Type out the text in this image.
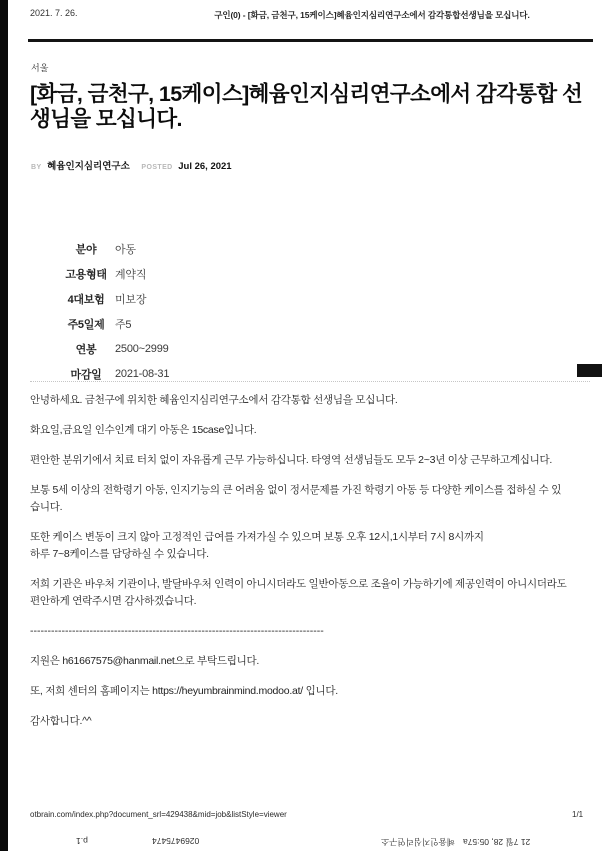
2021. 7. 26.	구인(0) - [화금, 금천구, 15케이스]혜윰인지심리연구소에서 감각통합선생님을 모십니다.
서울
[화금, 금천구, 15케이스]혜윰인지심리연구소에서 감각통합 선생님을 모십니다.
BY 혜윰인지심리연구소 POSTED Jul 26, 2021
분야	아동
고용형태 계약직
4대보험 미보장
주5일제 주5
연봉	2500~2999
마감일	2021-08-31

안녕하세요. 금천구에 위치한 혜윰인지심리연구소에서 감각통합 선생님을 모십니다.

화요일,금요일 인수인계 대기 아동은 15case입니다.

편안한 분위기에서 치료 터치 없이 자유롭게 근무 가능하십니다. 타영역 선생님들도 모두 2~3년 이상 근무하고계십니다.

보통 5세 이상의 전학령기 아동, 인지기능의 큰 어려움 없이 정서문제를 가진 학령기 아동 등 다양한 케이스를 접하실 수 있
습니다.

또한 케이스 변동이 크지 않아 고정적인 급여를 가져가실 수 있으며 보통 오후 12시,1시부터 7시 8시까지
하루 7~8케이스를 담당하실 수 있습니다.

저희 기관은 바우처 기관이나, 발달바우처 인력이 아니시더라도 일반아동으로 조율이 가능하기에 제공인력이 아니시더라도
편안하게 연락주시면 감사하겠습니다.

------------------------------------------------------------------------------------

지원은 h61667575@hanmail.net으로 부탁드립니다.

또, 저희 센터의 홈페이지는 https://heyumbrainmind.modoo.at/ 입니다.

감사합니다.^^

otbrain.com/index.php?document_srl=429438&mid=job&listStyle=viewer	1/1
p.1	0269475474	혜윰인지심리연구소 21 7월 28, 05:57a
